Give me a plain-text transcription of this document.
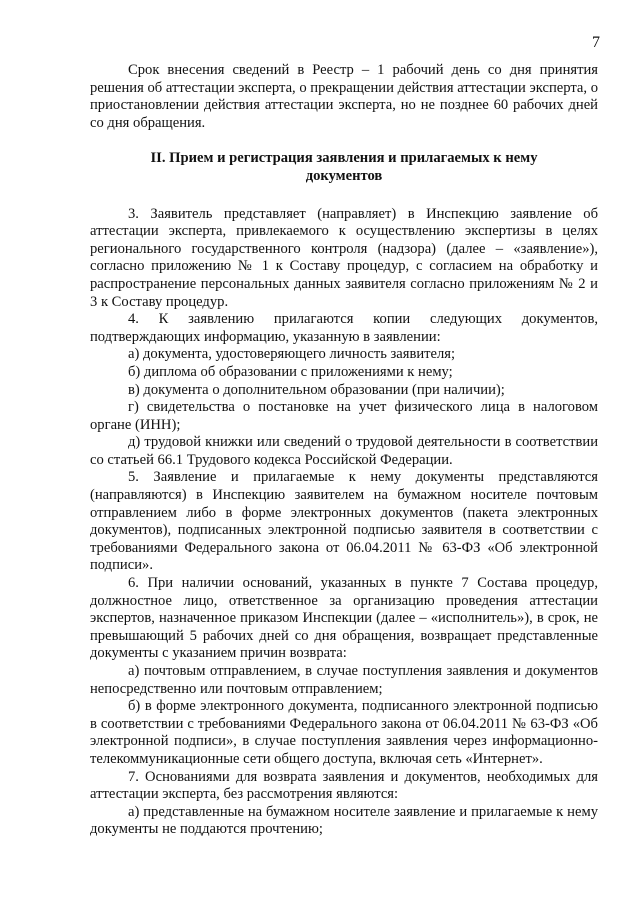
7

Срок внесения сведений в Реестр – 1 рабочий день со дня принятия решения об аттестации эксперта, о прекращении действия аттестации эксперта, о приостановлении действия аттестации эксперта, но не позднее 60 рабочих дней со дня обращения.

II. Прием и регистрация заявления и прилагаемых к нему документов

3. Заявитель представляет (направляет) в Инспекцию заявление об аттестации эксперта, привлекаемого к осуществлению экспертизы в целях регионального государственного контроля (надзора) (далее – «заявление»), согласно приложению № 1 к Составу процедур, с согласием на обработку и распространение персональных данных заявителя согласно приложениям № 2 и 3 к Составу процедур.

4. К заявлению прилагаются копии следующих документов, подтверждающих информацию, указанную в заявлении:

а) документа, удостоверяющего личность заявителя;

б) диплома об образовании с приложениями к нему;

в) документа о дополнительном образовании (при наличии);

г) свидетельства о постановке на учет физического лица в налоговом органе (ИНН);

д) трудовой книжки или сведений о трудовой деятельности в соответствии со статьей 66.1 Трудового кодекса Российской Федерации.

5. Заявление и прилагаемые к нему документы представляются (направляются) в Инспекцию заявителем на бумажном носителе почтовым отправлением либо в форме электронных документов (пакета электронных документов), подписанных электронной подписью заявителя в соответствии с требованиями Федерального закона от 06.04.2011 № 63-ФЗ «Об электронной подписи».

6. При наличии оснований, указанных в пункте 7 Состава процедур, должностное лицо, ответственное за организацию проведения аттестации экспертов, назначенное приказом Инспекции (далее – «исполнитель»), в срок, не превышающий 5 рабочих дней со дня обращения, возвращает представленные документы с указанием причин возврата:

а) почтовым отправлением, в случае поступления заявления и документов непосредственно или почтовым отправлением;

б) в форме электронного документа, подписанного электронной подписью в соответствии с требованиями Федерального закона от 06.04.2011 № 63-ФЗ «Об электронной подписи», в случае поступления заявления через информационно-телекоммуникационные сети общего доступа, включая сеть «Интернет».

7. Основаниями для возврата заявления и документов, необходимых для аттестации эксперта, без рассмотрения являются:

а) представленные на бумажном носителе заявление и прилагаемые к нему документы не поддаются прочтению;
